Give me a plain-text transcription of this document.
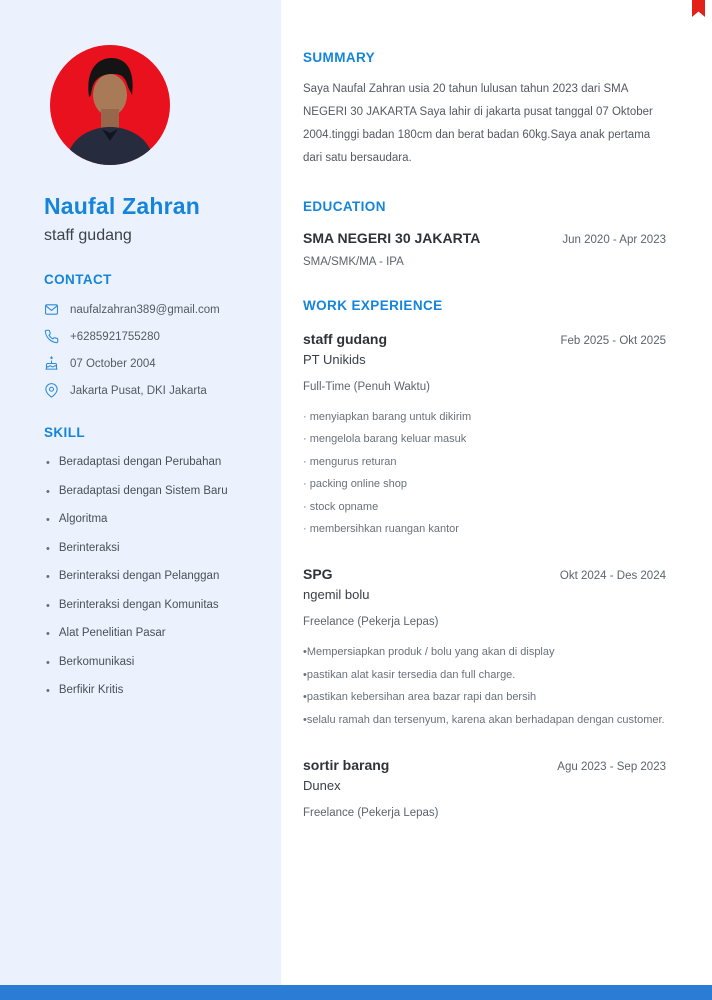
Naufal Zahran
staff gudang
CONTACT
naufalzahran389@gmail.com
+6285921755280
07 October 2004
Jakarta Pusat, DKI Jakarta
SKILL
• Beradaptasi dengan Perubahan
• Beradaptasi dengan Sistem Baru
• Algoritma
• Berinteraksi
• Berinteraksi dengan Pelanggan
• Berinteraksi dengan Komunitas
• Alat Penelitian Pasar
• Berkomunikasi
• Berfikir Kritis
SUMMARY

Saya Naufal Zahran usia 20 tahun lulusan tahun 2023 dari SMA NEGERI 30 JAKARTA Saya lahir di jakarta pusat tanggal 07 Oktober 2004.tinggi badan 180cm dan berat badan 60kg.Saya anak pertama dari satu bersaudara.

EDUCATION
SMA NEGERI 30 JAKARTA	Jun 2020 - Apr 2023
SMA/SMK/MA - IPA
WORK EXPERIENCE
staff gudang	Feb 2025 - Okt 2025
PT Unikids
Full-Time (Penuh Waktu)
· menyiapkan barang untuk dikirim
· mengelola barang keluar masuk
· mengurus returan
· packing online shop
· stock opname
· membersihkan ruangan kantor
SPG	Okt 2024 - Des 2024
ngemil bolu
Freelance (Pekerja Lepas)
•Mempersiapkan produk / bolu yang akan di display
•pastikan alat kasir tersedia dan full charge.
•pastikan kebersihan area bazar rapi dan bersih
•selalu ramah dan tersenyum, karena akan berhadapan dengan customer.
sortir barang	Agu 2023 - Sep 2023
Dunex
Freelance (Pekerja Lepas)
